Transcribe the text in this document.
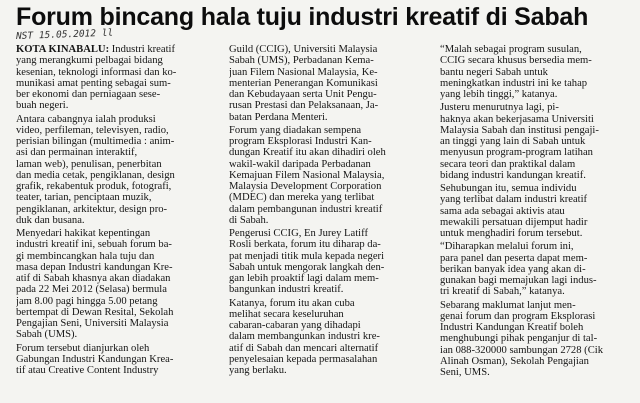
Forum bincang hala tuju industri kreatif di Sabah
NST 15.05.2012 ll
KOTA KINABALU: Industri kreatif
yang merangkumi pelbagai bidang
kesenian, teknologi informasi dan ko-
munikasi amat penting sebagai sum-
ber ekonomi dan perniagaan sese-
buah negeri.
Antara cabangnya ialah produksi
video, perfileman, televisyen, radio,
perisian bilingan (multimedia : anim-
asi dan permainan interaktif,
laman web), penulisan, penerbitan
dan media cetak, pengiklanan, design
grafik, rekabentuk produk, fotografi,
teater, tarian, penciptaan muzik,
pengiklanan, arkitektur, design pro-
duk dan busana.
Menyedari hakikat kepentingan
industri kreatif ini, sebuah forum ba-
gi membincangkan hala tuju dan
masa depan Industri kandungan Kre-
atif di Sabah khasnya akan diadakan
pada 22 Mei 2012 (Selasa) bermula
jam 8.00 pagi hingga 5.00 petang
bertempat di Dewan Resital, Sekolah
Pengajian Seni, Universiti Malaysia
Sabah (UMS).
Forum tersebut dianjurkan oleh
Gabungan Industri Kandungan Krea-
tif atau Creative Content Industry
Guild (CCIG), Universiti Malaysia
Sabah (UMS), Perbadanan Kema-
juan Filem Nasional Malaysia, Ke-
menterian Penerangan Komunikasi
dan Kebudayaan serta Unit Pengu-
rusan Prestasi dan Pelaksanaan, Ja-
batan Perdana Menteri.
Forum yang diadakan sempena
program Eksplorasi Industri Kan-
dungan Kreatif itu akan dihadiri oleh
wakil-wakil daripada Perbadanan
Kemajuan Filem Nasional Malaysia,
Malaysia Development Corporation
(MDEC) dan mereka yang terlibat
dalam pembangunan industri kreatif
di Sabah.
Pengerusi CCIG, En Jurey Latiff
Rosli berkata, forum itu diharap da-
pat menjadi titik mula kepada negeri
Sabah untuk mengorak langkah den-
gan lebih proaktif lagi dalam mem-
bangunkan industri kreatif.
Katanya, forum itu akan cuba
melihat secara keseluruhan
cabaran-cabaran yang dihadapi
dalam membangunkan industri kre-
atif di Sabah dan mencari alternatif
penyelesaian kepada permasalahan
yang berlaku.
“Malah sebagai program susulan,
CCIG secara khusus bersedia mem-
bantu negeri Sabah untuk
meningkatkan industri ini ke tahap
yang lebih tinggi,” katanya.
Justeru menurutnya lagi, pi-
haknya akan bekerjasama Universiti
Malaysia Sabah dan institusi pengaji-
an tinggi yang lain di Sabah untuk
menyusun program-program latihan
secara teori dan praktikal dalam
bidang industri kandungan kreatif.
Sehubungan itu, semua individu
yang terlibat dalam industri kreatif
sama ada sebagai aktivis atau
mewakili persatuan dijemput hadir
untuk menghadiri forum tersebut.
“Diharapkan melalui forum ini,
para panel dan peserta dapat mem-
berikan banyak idea yang akan di-
gunakan bagi memajukan lagi indus-
tri kreatif di Sabah,” katanya.
Sebarang maklumat lanjut men-
genai forum dan program Eksplorasi
Industri Kandungan Kreatif boleh
menghubungi pihak penganjur di tal-
ian 088-320000 sambungan 2728 (Cik
Alinah Osman), Sekolah Pengajian
Seni, UMS.
